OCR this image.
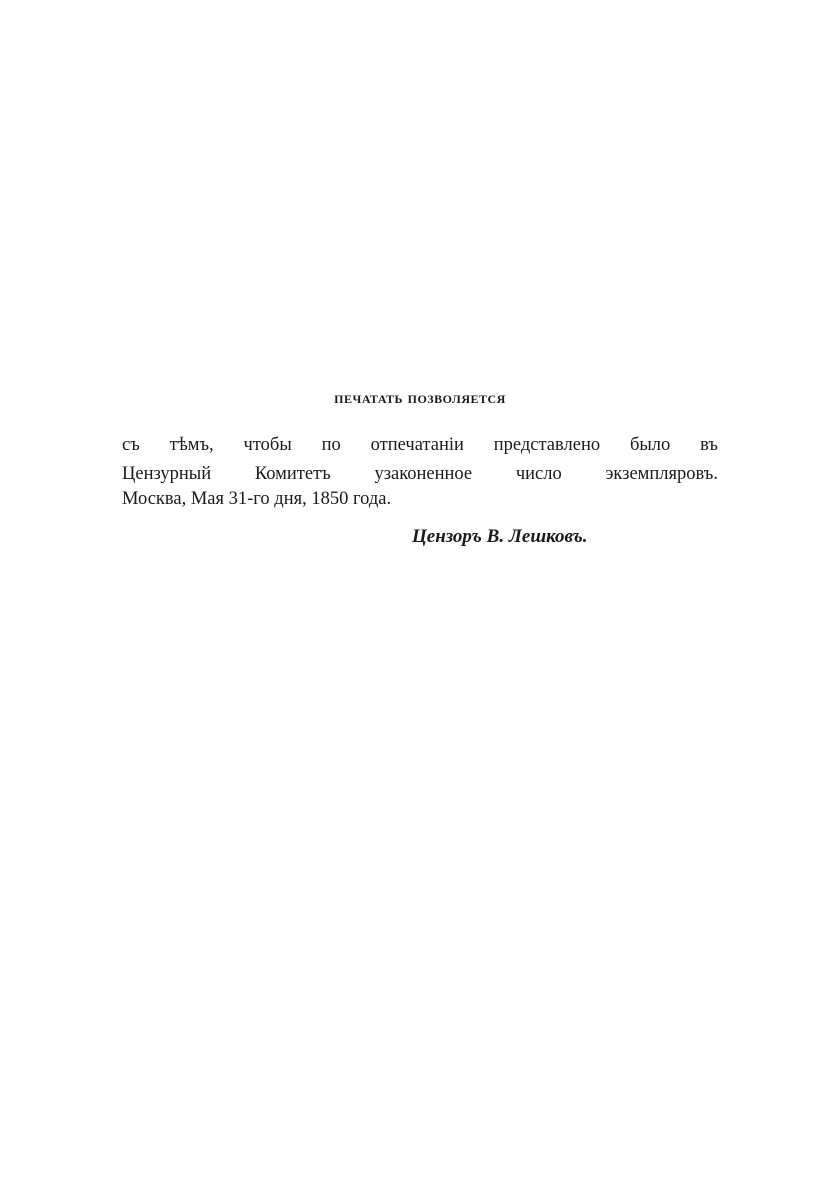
печатать позволяется
съ тѣмъ, чтобы по отпечатаніи представлено было въ
Цензурный Комитетъ узаконенное число экземпляровъ.
Москва, Мая 31-го дня, 1850 года.
Цензоръ В. Лешковъ.
